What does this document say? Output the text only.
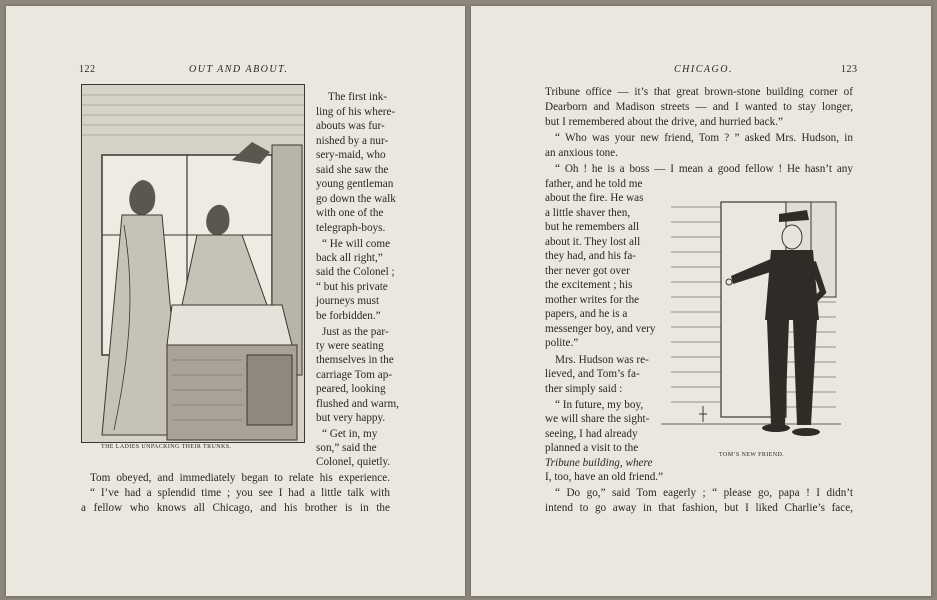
122	OUT AND ABOUT.
THE LADIES UNPACKING THEIR TRUNKS.
The first ink-
ling of his where-
abouts was fur-
nished by a nur-
sery-maid, who
said she saw the
young gentleman
go down the walk
with one of the
telegraph-boys.
“ He will come
back all right,”
said the Colonel ;
“ but his private
journeys must
be forbidden.”
Just as the par-
ty were seating
themselves in the
carriage Tom ap-
peared, looking
flushed and warm,
but very happy.
“ Get in, my
son,” said the
Colonel, quietly.
Tom obeyed, and immediately began to relate his experience.
“ I’ve had a splendid time ; you see I had a little talk with
a fellow who knows all Chicago, and his brother is in the
CHICAGO.	123
Tribune office — it’s that great brown-stone building corner of
Dearborn and Madison streets — and I wanted to stay longer,
but I remembered about the drive, and hurried back.”
“ Who was your new friend, Tom ? ” asked Mrs. Hudson, in
an anxious tone.
“ Oh ! he is a boss — I mean a good fellow ! He hasn’t any
father, and he told me
about the fire. He was
a little shaver then,
but he remembers all
about it. They lost all
they had, and his fa-
ther never got over
the excitement ; his
mother writes for the
papers, and he is a
messenger boy, and very
polite.”
Mrs. Hudson was re-
lieved, and Tom’s fa-
ther simply said :
“ In future, my boy,
we will share the sight-
seeing, I had already
planned a visit to the
Tribune building, where
I, too, have an old friend.”
TOM’S NEW FRIEND.
“ Do go,” said Tom eagerly ; “ please go, papa ! I didn’t
intend to go away in that fashion, but I liked Charlie’s face,
